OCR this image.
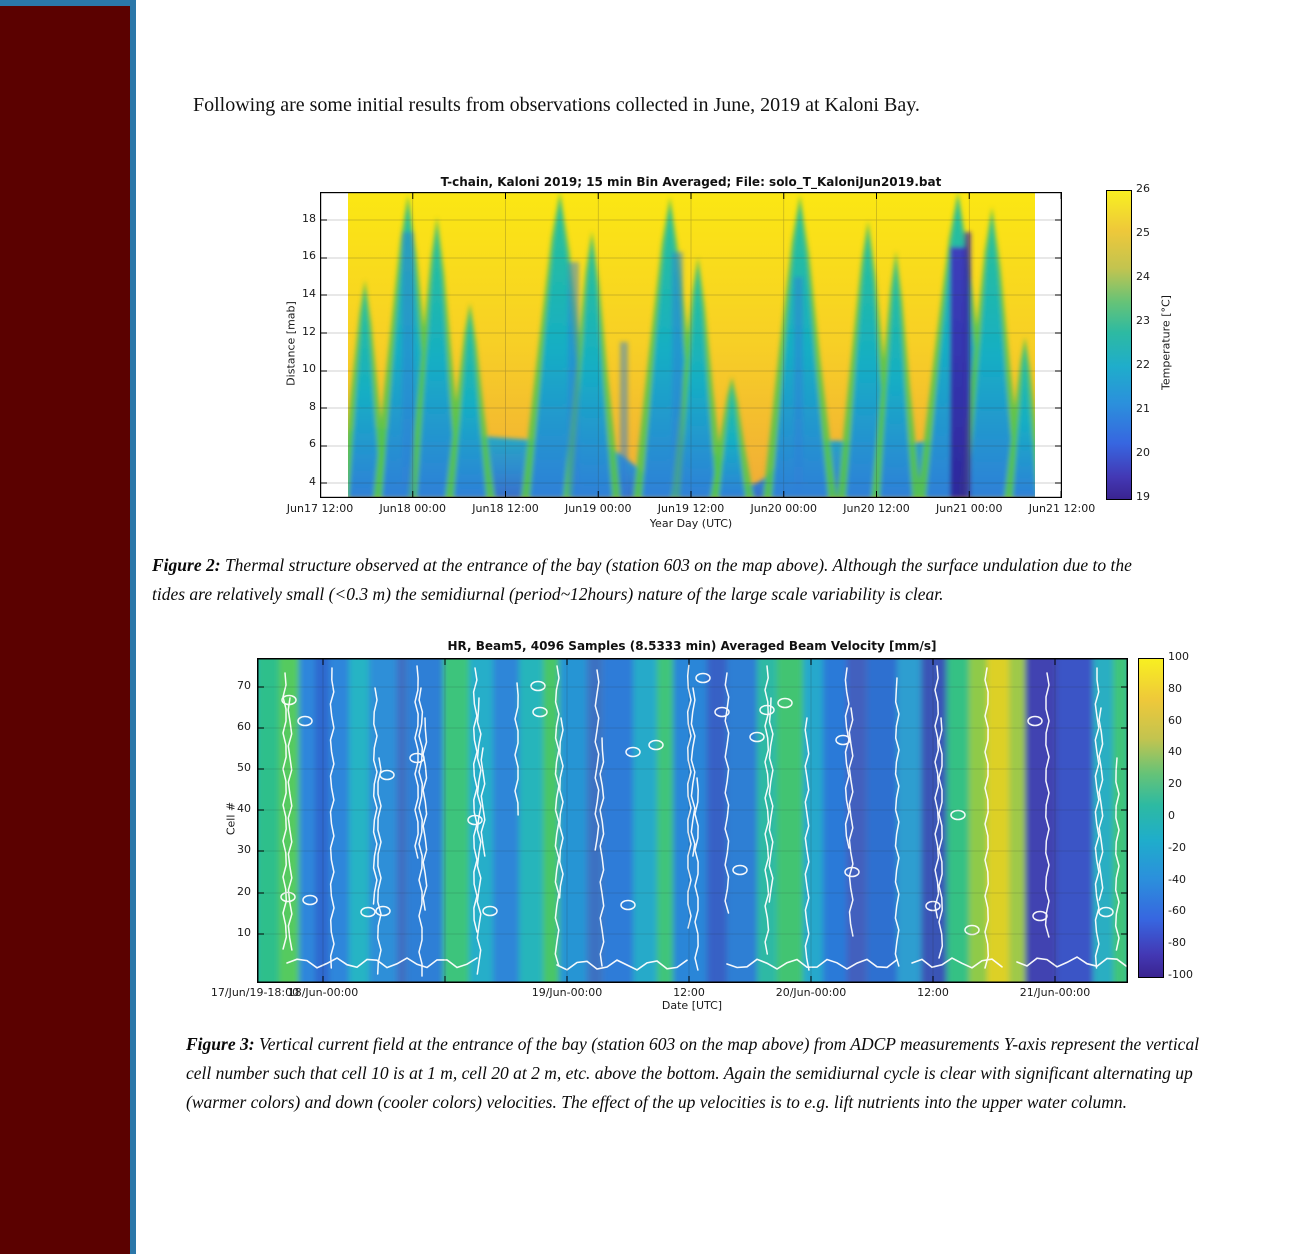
Following are some initial results from observations collected in June, 2019 at Kaloni Bay.
T-chain, Kaloni 2019; 15 min Bin Averaged; File: solo_T_KaloniJun2019.bat
Distance [mab]
Year Day (UTC)
Temperature [°C]
Figure 2: Thermal structure observed at the entrance of the bay (station 603 on the map above). Although the surface undulation due to the tides are relatively small (<0.3 m) the semidiurnal (period~12hours) nature of the large scale variability is clear.
HR, Beam5, 4096 Samples (8.5333 min) Averaged Beam Velocity [mm/s]
Cell #
Date [UTC]
Figure 3: Vertical current field at the entrance of the bay (station 603 on the map above) from ADCP measurements Y-axis represent the vertical cell number such that cell 10 is at 1 m, cell 20 at 2 m, etc. above the bottom. Again the semidiurnal cycle is clear with significant alternating up (warmer colors) and down (cooler colors) velocities. The effect of the up velocities is to e.g. lift nutrients into the upper water column.
Jun17 12:00 Jun18 00:00 Jun18 12:00 Jun19 00:00 Jun19 12:00 Jun20 00:00 Jun20 12:00 Jun21 00:00 Jun21 12:00
18
16
14
12
10
8
6
4
26
25
24
23
22
21
20
19
17/Jun/19-18:00
18/Jun-00:00	19/Jun-00:00	12:00	20/Jun-00:00	12:00	21/Jun-00:00
70
60
50
40
30
20
10
100
80
60
40
20
0
-20
-40
-60
-80
-100
